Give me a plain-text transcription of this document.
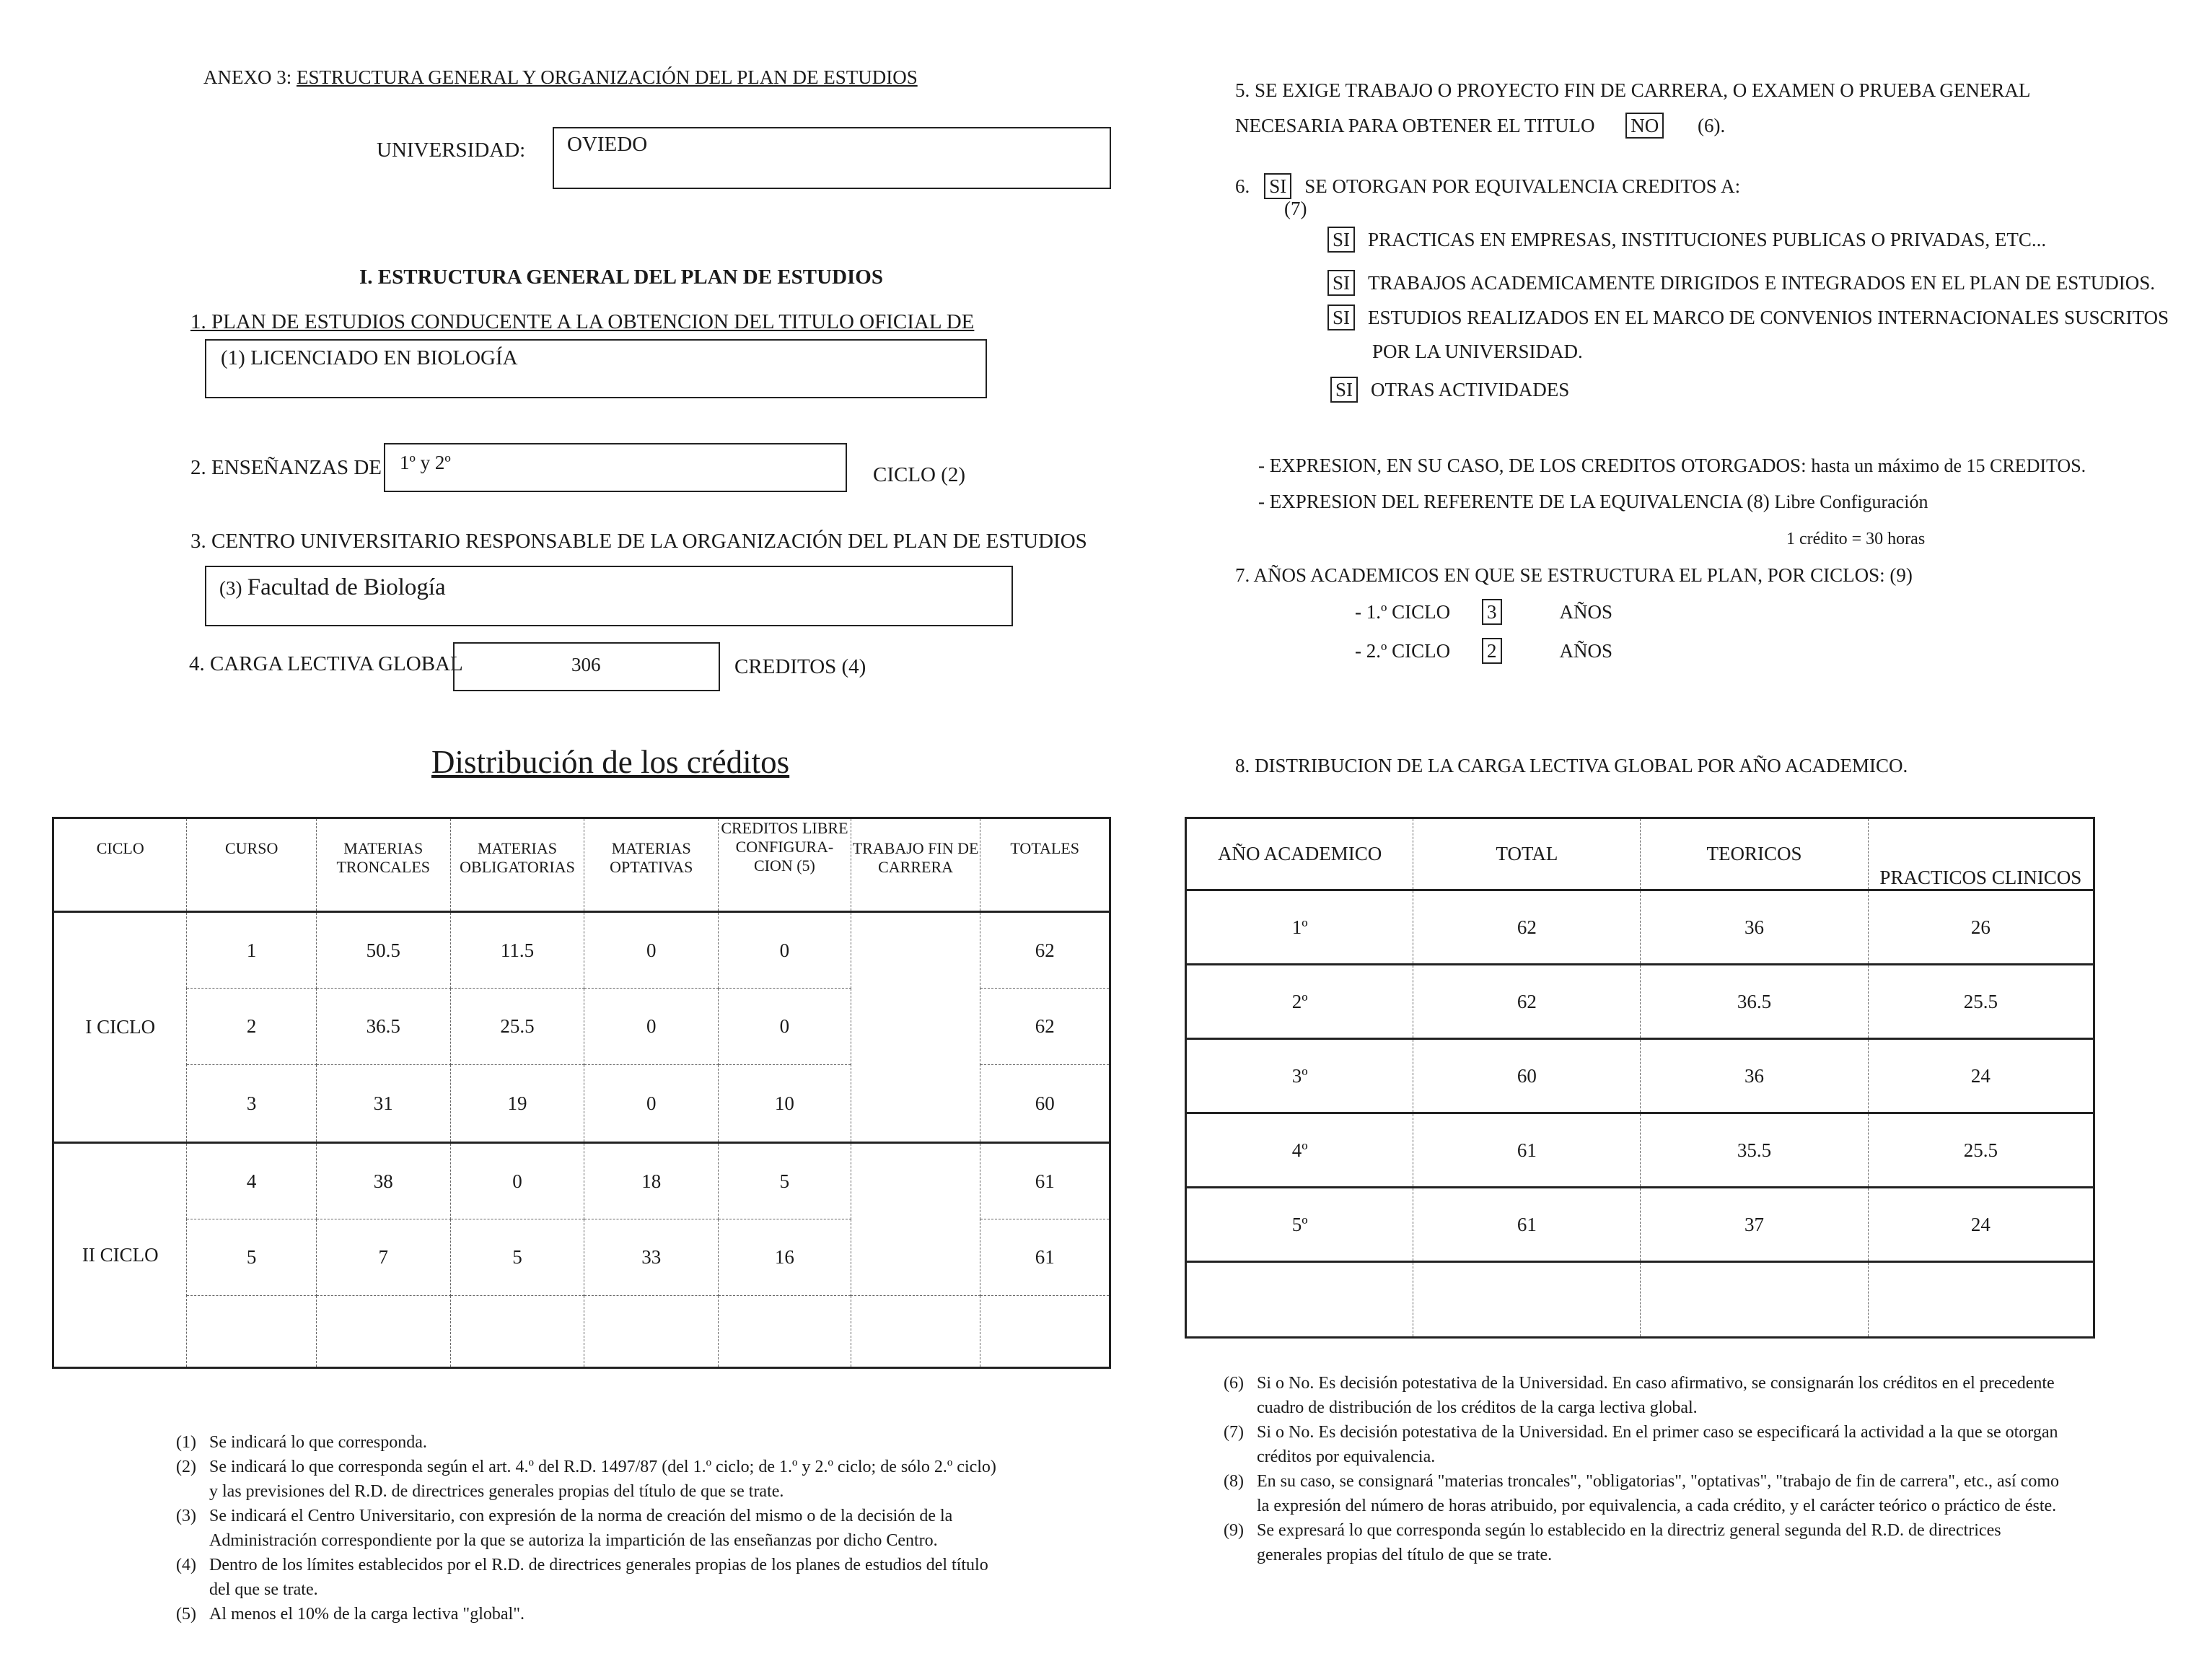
ANEXO 3: ESTRUCTURA GENERAL Y ORGANIZACIÓN DEL PLAN DE ESTUDIOS
UNIVERSIDAD: OVIEDO
I. ESTRUCTURA GENERAL DEL PLAN DE ESTUDIOS
1. PLAN DE ESTUDIOS CONDUCENTE A LA OBTENCION DEL TITULO OFICIAL DE
(1) LICENCIADO EN BIOLOGÍA
2. ENSEÑANZAS DE 1º y 2º
CICLO (2)
3. CENTRO UNIVERSITARIO RESPONSABLE DE LA ORGANIZACIÓN DEL PLAN DE ESTUDIOS
(3) Facultad de Biología
4. CARGA LECTIVA GLOBAL	306	CREDITOS (4)
Distribución de los créditos
CICLO	CURSO	MATERIAS TRONCALES	MATERIAS OBLIGATORIAS	MATERIAS OPTATIVAS	CREDITOS LIBRE CONFIGURA-CION (5)	TRABAJO FIN DE CARRERA	TOTALES
I CICLO	1	50.5	11.5	0	0		62
	2	36.5	25.5	0	0		62
	3	31	19	0	10		60
II CICLO	4	38	0	18	5		61
	5	7	5	33	16		61

(1) Se indicará lo que corresponda.
(2) Se indicará lo que corresponda según el art. 4.º del R.D. 1497/87 (del 1.º ciclo; de 1.º y 2.º ciclo; de sólo 2.º ciclo) y las previsiones del R.D. de directrices generales propias del título de que se trate.
(3) Se indicará el Centro Universitario, con expresión de la norma de creación del mismo o de la decisión de la Administración correspondiente por la que se autoriza la impartición de las enseñanzas por dicho Centro.
(4) Dentro de los límites establecidos por el R.D. de directrices generales propias de los planes de estudios del título del que se trate.
(5) Al menos el 10% de la carga lectiva "global".
5. SE EXIGE TRABAJO O PROYECTO FIN DE CARRERA, O EXAMEN O PRUEBA GENERAL
NECESARIA PARA OBTENER EL TITULO NO (6).
6. SI SE OTORGAN POR EQUIVALENCIA CREDITOS A:
(7)
SI PRACTICAS EN EMPRESAS, INSTITUCIONES PUBLICAS O PRIVADAS, ETC...
SI TRABAJOS ACADEMICAMENTE DIRIGIDOS E INTEGRADOS EN EL PLAN DE ESTUDIOS.
SI ESTUDIOS REALIZADOS EN EL MARCO DE CONVENIOS INTERNACIONALES SUSCRITOS
POR LA UNIVERSIDAD.
SI OTRAS ACTIVIDADES
- EXPRESION, EN SU CASO, DE LOS CREDITOS OTORGADOS: hasta un máximo de 15 CREDITOS.
- EXPRESION DEL REFERENTE DE LA EQUIVALENCIA (8) Libre Configuración
1 crédito = 30 horas
7. AÑOS ACADEMICOS EN QUE SE ESTRUCTURA EL PLAN, POR CICLOS: (9)
- 1.º CICLO 3	AÑOS
- 2.º CICLO 2	AÑOS
8. DISTRIBUCION DE LA CARGA LECTIVA GLOBAL POR AÑO ACADEMICO.
AÑO ACADEMICO	TOTAL	TEORICOS	PRACTICOS CLINICOS
1º	62	36	26
2º	62	36.5	25.5
3º	60	36	24
4º	61	35.5	25.5
5º	61	37	24

(6) Si o No. Es decisión potestativa de la Universidad. En caso afirmativo, se consignarán los créditos en el precedente cuadro de distribución de los créditos de la carga lectiva global.
(7) Si o No. Es decisión potestativa de la Universidad. En el primer caso se especificará la actividad a la que se otorgan créditos por equivalencia.
(8) En su caso, se consignará "materias troncales", "obligatorias", "optativas", "trabajo de fin de carrera", etc., así como la expresión del número de horas atribuido, por equivalencia, a cada crédito, y el carácter teórico o práctico de éste.
(9) Se expresará lo que corresponda según lo establecido en la directriz general segunda del R.D. de directrices generales propias del título de que se trate.
